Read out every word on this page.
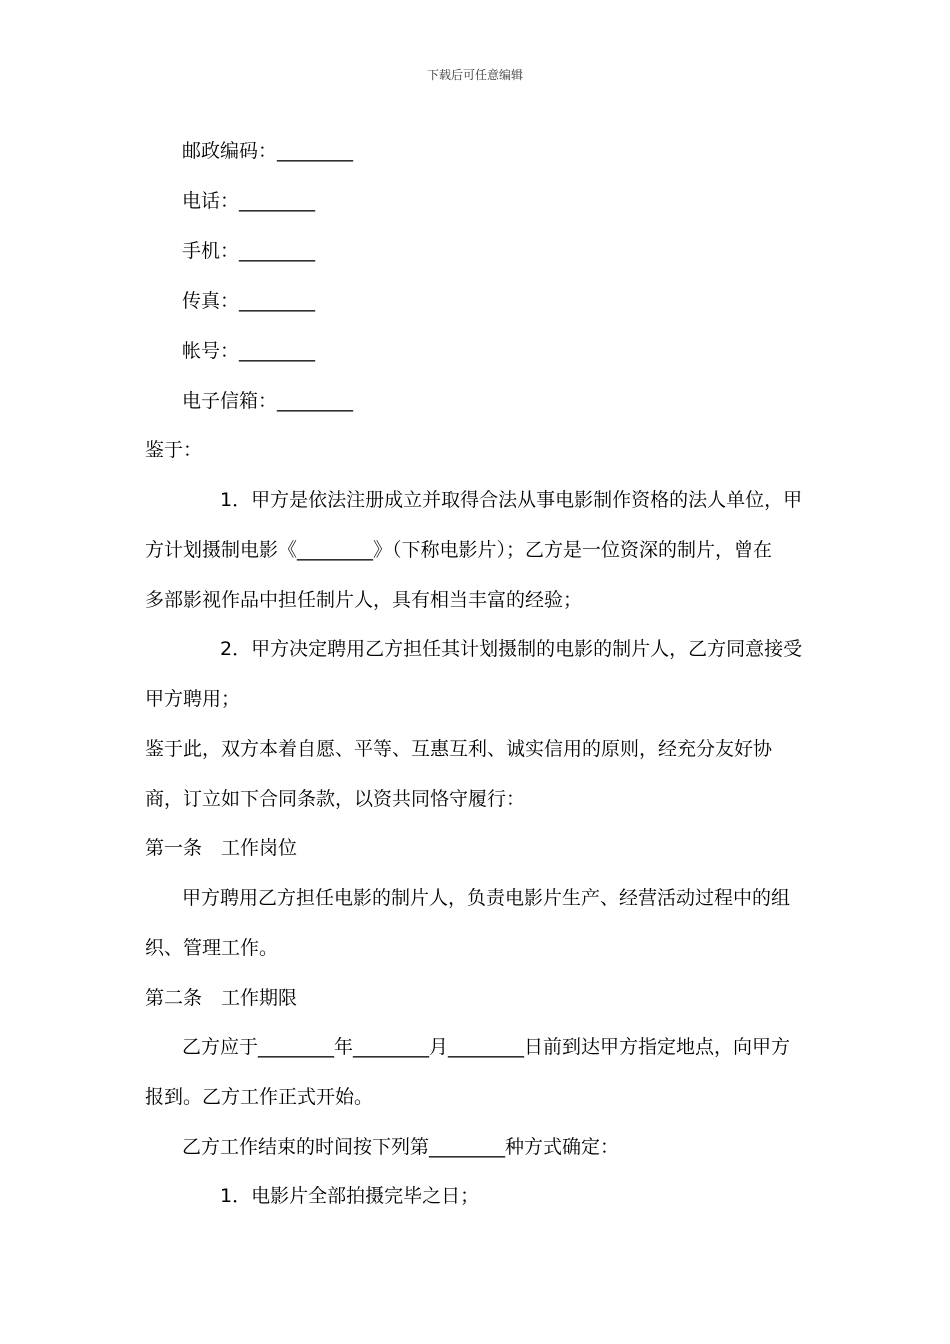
下载后可任意编辑
邮政编码：________
电话：________
手机：________
传真：________
帐号：________
电子信箱：________
鉴于：
1．甲方是依法注册成立并取得合法从事电影制作资格的法人单位，甲
方计划摄制电影《________》（下称电影片）；乙方是一位资深的制片，曾在
多部影视作品中担任制片人，具有相当丰富的经验；
2．甲方决定聘用乙方担任其计划摄制的电影的制片人，乙方同意接受
甲方聘用；
鉴于此，双方本着自愿、平等、互惠互利、诚实信用的原则，经充分友好协
商，订立如下合同条款，以资共同恪守履行：
第一条　工作岗位
甲方聘用乙方担任电影的制片人，负责电影片生产、经营活动过程中的组
织、管理工作。
第二条　工作期限
乙方应于________年________月________日前到达甲方指定地点，向甲方
报到。乙方工作正式开始。
乙方工作结束的时间按下列第________种方式确定：
1．电影片全部拍摄完毕之日；
